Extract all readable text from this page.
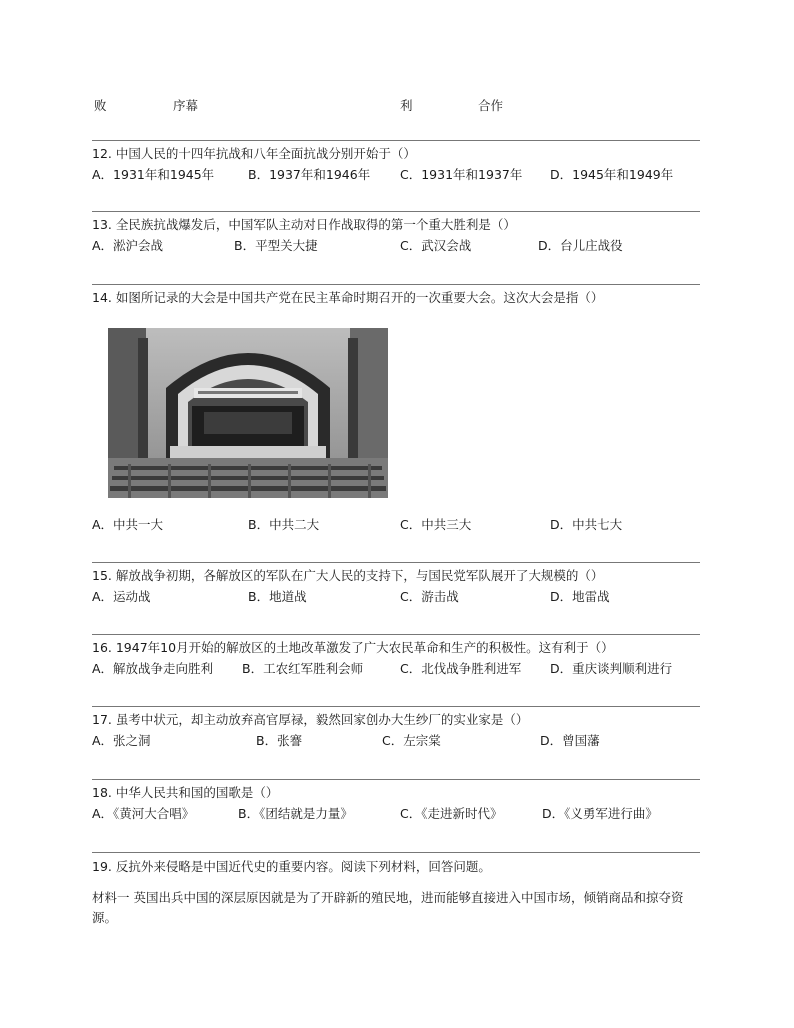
败	序幕	利	合作
12. 中国人民的十四年抗战和八年全面抗战分别开始于（）
A．1931年和1945年	B．1937年和1946年 C．1931年和1937年 D．1945年和1949年
13. 全民族抗战爆发后，中国军队主动对日作战取得的第一个重大胜利是（）
A．淞沪会战	B．平型关大捷	C．武汉会战	D．台儿庄战役
14. 如图所记录的大会是中国共产党在民主革命时期召开的一次重要大会。这次大会是指（）
A．中共一大	B．中共二大	C．中共三大	D．中共七大
15. 解放战争初期，各解放区的军队在广大人民的支持下，与国民党军队展开了大规模的（）
A．运动战	B．地道战	C．游击战	D．地雷战
16. 1947年10月开始的解放区的土地改革激发了广大农民革命和生产的积极性。这有利于（）
A．解放战争走向胜利 B．工农红军胜利会师	C．北伐战争胜利进军 D．重庆谈判顺利进行
17. 虽考中状元，却主动放弃高官厚禄，毅然回家创办大生纱厂的实业家是（）
A．张之洞	B．张謇	C．左宗棠	D．曾国藩
18. 中华人民共和国的国歌是（）
A．《黄河大合唱》	B．《团结就是力量》	C．《走进新时代》	D．《义勇军进行曲》
19. 反抗外来侵略是中国近代史的重要内容。阅读下列材料，回答问题。
材料一 英国出兵中国的深层原因就是为了开辟新的殖民地，进而能够直接进入中国市场，倾销商品和掠夺资源。
